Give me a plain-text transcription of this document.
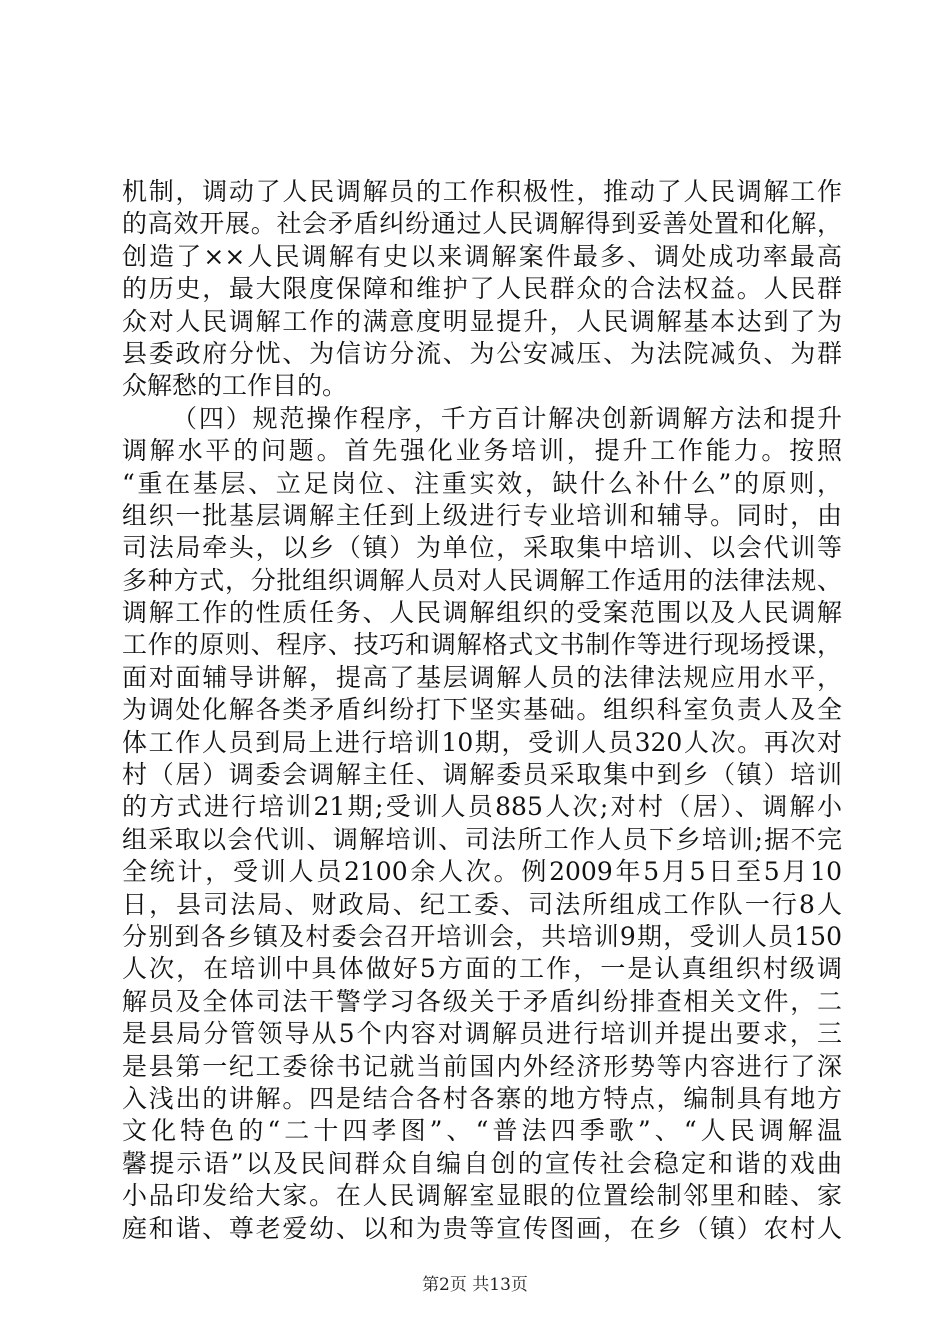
机制，调动了人民调解员的工作积极性，推动了人民调解工作
的高效开展。社会矛盾纠纷通过人民调解得到妥善处置和化解，
创造了××人民调解有史以来调解案件最多、调处成功率最高
的历史，最大限度保障和维护了人民群众的合法权益。人民群
众对人民调解工作的满意度明显提升，人民调解基本达到了为
县委政府分忧、为信访分流、为公安减压、为法院减负、为群
众解愁的工作目的。
（四）规范操作程序，千方百计解决创新调解方法和提升
调解水平的问题。首先强化业务培训，提升工作能力。按照
“重在基层、立足岗位、注重实效，缺什么补什么”的原则，
组织一批基层调解主任到上级进行专业培训和辅导。同时，由
司法局牵头，以乡（镇）为单位，采取集中培训、以会代训等
多种方式，分批组织调解人员对人民调解工作适用的法律法规、
调解工作的性质任务、人民调解组织的受案范围以及人民调解
工作的原则、程序、技巧和调解格式文书制作等进行现场授课，
面对面辅导讲解，提高了基层调解人员的法律法规应用水平，
为调处化解各类矛盾纠纷打下坚实基础。组织科室负责人及全
体工作人员到局上进行培训10期，受训人员320人次。再次对
村（居）调委会调解主任、调解委员采取集中到乡（镇）培训
的方式进行培训21期;受训人员885人次;对村（居）、调解小
组采取以会代训、调解培训、司法所工作人员下乡培训;据不完
全统计，受训人员2100余人次。例2009年5月5日至5月10
日，县司法局、财政局、纪工委、司法所组成工作队一行8人
分别到各乡镇及村委会召开培训会，共培训9期，受训人员150
人次，在培训中具体做好5方面的工作，一是认真组织村级调
解员及全体司法干警学习各级关于矛盾纠纷排查相关文件，二
是县局分管领导从5个内容对调解员进行培训并提出要求，三
是县第一纪工委徐书记就当前国内外经济形势等内容进行了深
入浅出的讲解。四是结合各村各寨的地方特点，编制具有地方
文化特色的“二十四孝图”、“普法四季歌”、“人民调解温
馨提示语”以及民间群众自编自创的宣传社会稳定和谐的戏曲
小品印发给大家。在人民调解室显眼的位置绘制邻里和睦、家
庭和谐、尊老爱幼、以和为贵等宣传图画，在乡（镇）农村人
第2页 共13页
